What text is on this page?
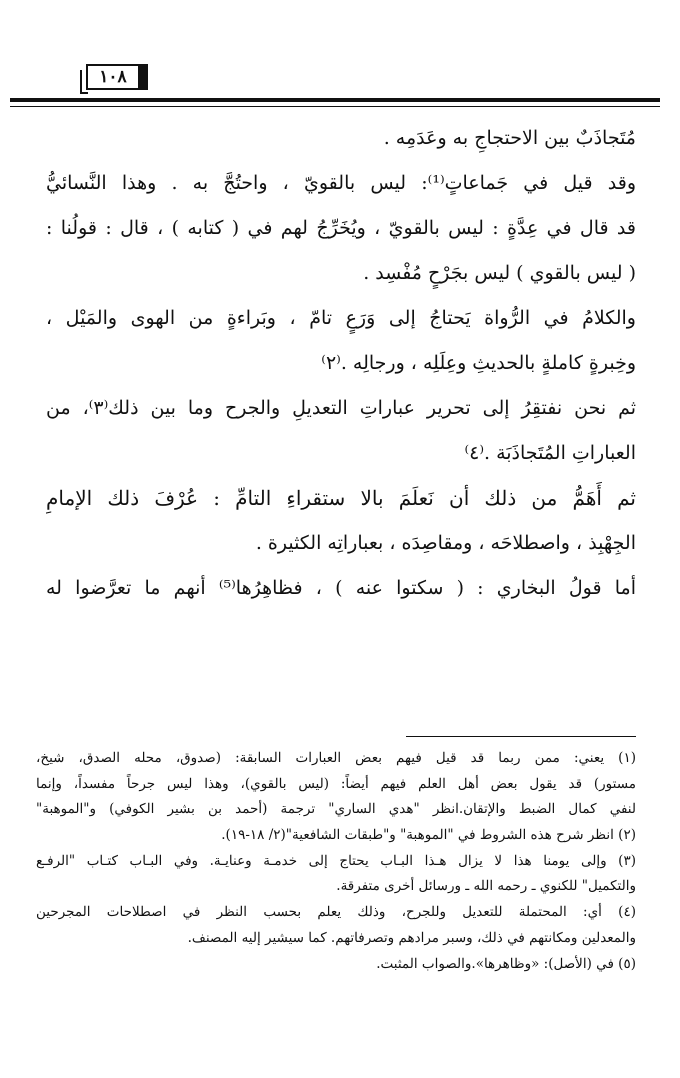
١٠٨
مُتَجاذَبٌ بين الاحتجاجِ به وعَدَمِه .
وقد قيل في جَماعاتٍ⁽¹⁾: ليس بالقويّ ، واحتُجَّ به . وهذا النَّسائيُّ
قد قال في عِدَّةٍ : ليس بالقويّ ، ويُخَرِّجُ لهم في ( كتابه ) ، قال : قولُنا :
( ليس بالقوي ) ليس بجَرْحٍ مُفْسِد .
والكلامُ في الرُّواة يَحتاجُ إلى وَرَعٍ تامّ ، وبَراءةٍ من الهوى والمَيْل ،
وخِبرةٍ كاملةٍ بالحديثِ وعِلَلِه ، ورجالِه .⁽٢⁾
ثم نحن نفتقِرُ إلى تحرير عباراتِ التعديلِ والجرح وما بين ذلك⁽٣⁾، من
العباراتِ المُتَجاذَبَة .⁽٤⁾
ثم أَهَمُّ من ذلك أن نَعلَمَ بالا ستقراءِ التامِّ : عُرْفَ ذلك الإمامِ
الجِهْبِذ ، واصطلاحَه ، ومقاصِدَه ، بعباراتِه الكثيرة .
أما قولُ البخاري : ( سكتوا عنه ) ، فظاهِرُها⁽⁵⁾ أنهم ما تعرَّضوا له
(١) يعني: ممن ربما قد قيل فيهم بعض العبارات السابقة: (صدوق، محله الصدق، شيخ،
مستور) قد يقول بعض أهل العلم فيهم أيضاً: (ليس بالقوي)، وهذا ليس جرحاً مفسداً، وإنما
لنفي كمال الضبط والإتقان.انظر "هدي الساري" ترجمة (أحمد بن بشير الكوفي) و"الموهبة"
(٢) انظر شرح هذه الشروط في "الموهبة" و"طبقات الشافعية"(٢/ ١٨-١٩).
(٣) وإلى يومنا هذا لا يزال هـذا البـاب يحتاج إلى خدمـة وعنايـة. وفي البـاب كتـاب "الرفـع
والتكميل" للكنوي ـ رحمه الله ـ ورسائل أخرى متفرقة.
(٤) أي: المحتملة للتعديل وللجرح، وذلك يعلم بحسب النظر في اصطلاحات المجرحين
والمعدلين ومكانتهم في ذلك، وسبر مرادهم وتصرفاتهم. كما سيشير إليه المصنف.
(٥) في (الأصل): «وظاهرها».والصواب المثبت.
